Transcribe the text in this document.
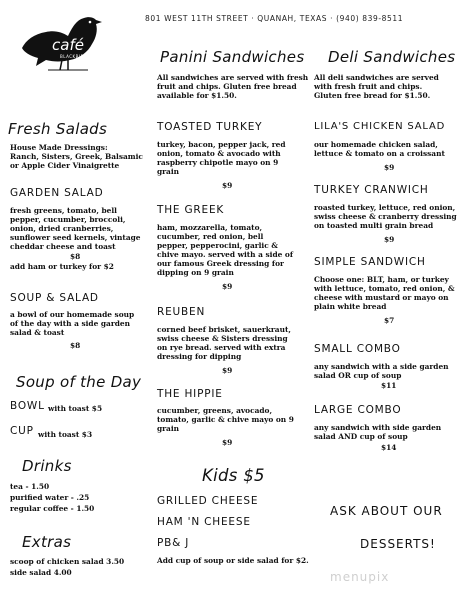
801 WEST 11TH STREET · QUANAH, TEXAS · (940) 839-8511
café
BLACKBIRD
Fresh Salads
House Made Dressings:
Ranch, Sisters, Greek, Balsamic or Apple Cider Vinaigrette
GARDEN SALAD
fresh greens, tomato, bell
pepper, cucumber, broccoli,
onion, dried cranberries,
sunflower seed kernels, vintage
cheddar cheese and toast
$8
add ham or turkey for $2
SOUP & SALAD
a bowl of our homemade soup
of the day with a side garden
salad & toast
$8
Soup of the Day
BOWL with toast $5
CUP with toast $3
Drinks
tea - 1.50
purified water - .25
regular coffee - 1.50
Extras
scoop of chicken salad 3.50
side salad 4.00
Panini Sandwiches
All sandwiches are served with fresh
fruit and chips. Gluten free bread
available for $1.50.
TOASTED TURKEY
turkey, bacon, pepper jack, red
onion, tomato & avocado with
raspberry chipotle mayo on 9
grain
$9
THE GREEK
ham, mozzarella, tomato,
cucumber, red onion, bell
pepper, pepperocini, garlic &
chive mayo. served with a side of
our famous Greek dressing for
dipping on 9 grain
$9
REUBEN
corned beef brisket, sauerkraut,
swiss cheese & Sisters dressing
on rye bread. served with extra
dressing for dipping
$9
THE HIPPIE
cucumber, greens, avocado,
tomato, garlic & chive mayo on 9
grain
$9
Kids $5
GRILLED CHEESE
HAM 'N CHEESE
PB& J
Add cup of soup or side salad for $2.
Deli Sandwiches
All deli sandwiches are served
with fresh fruit and chips.
Gluten free bread for $1.50.
LILA'S CHICKEN SALAD
our homemade chicken salad,
lettuce & tomato on a croissant
$9
TURKEY CRANWICH
roasted turkey, lettuce, red onion,
swiss cheese & cranberry dressing
on toasted multi grain bread
$9
SIMPLE SANDWICH
Choose one: BLT, ham, or turkey
with lettuce, tomato, red onion, &
cheese with mustard or mayo on
plain white bread
$7
SMALL COMBO
any sandwich with a side garden
salad OR cup of soup
$11
LARGE COMBO
any sandwich with side garden
salad AND cup of soup
$14
ASK ABOUT OUR
DESSERTS!
menupix
